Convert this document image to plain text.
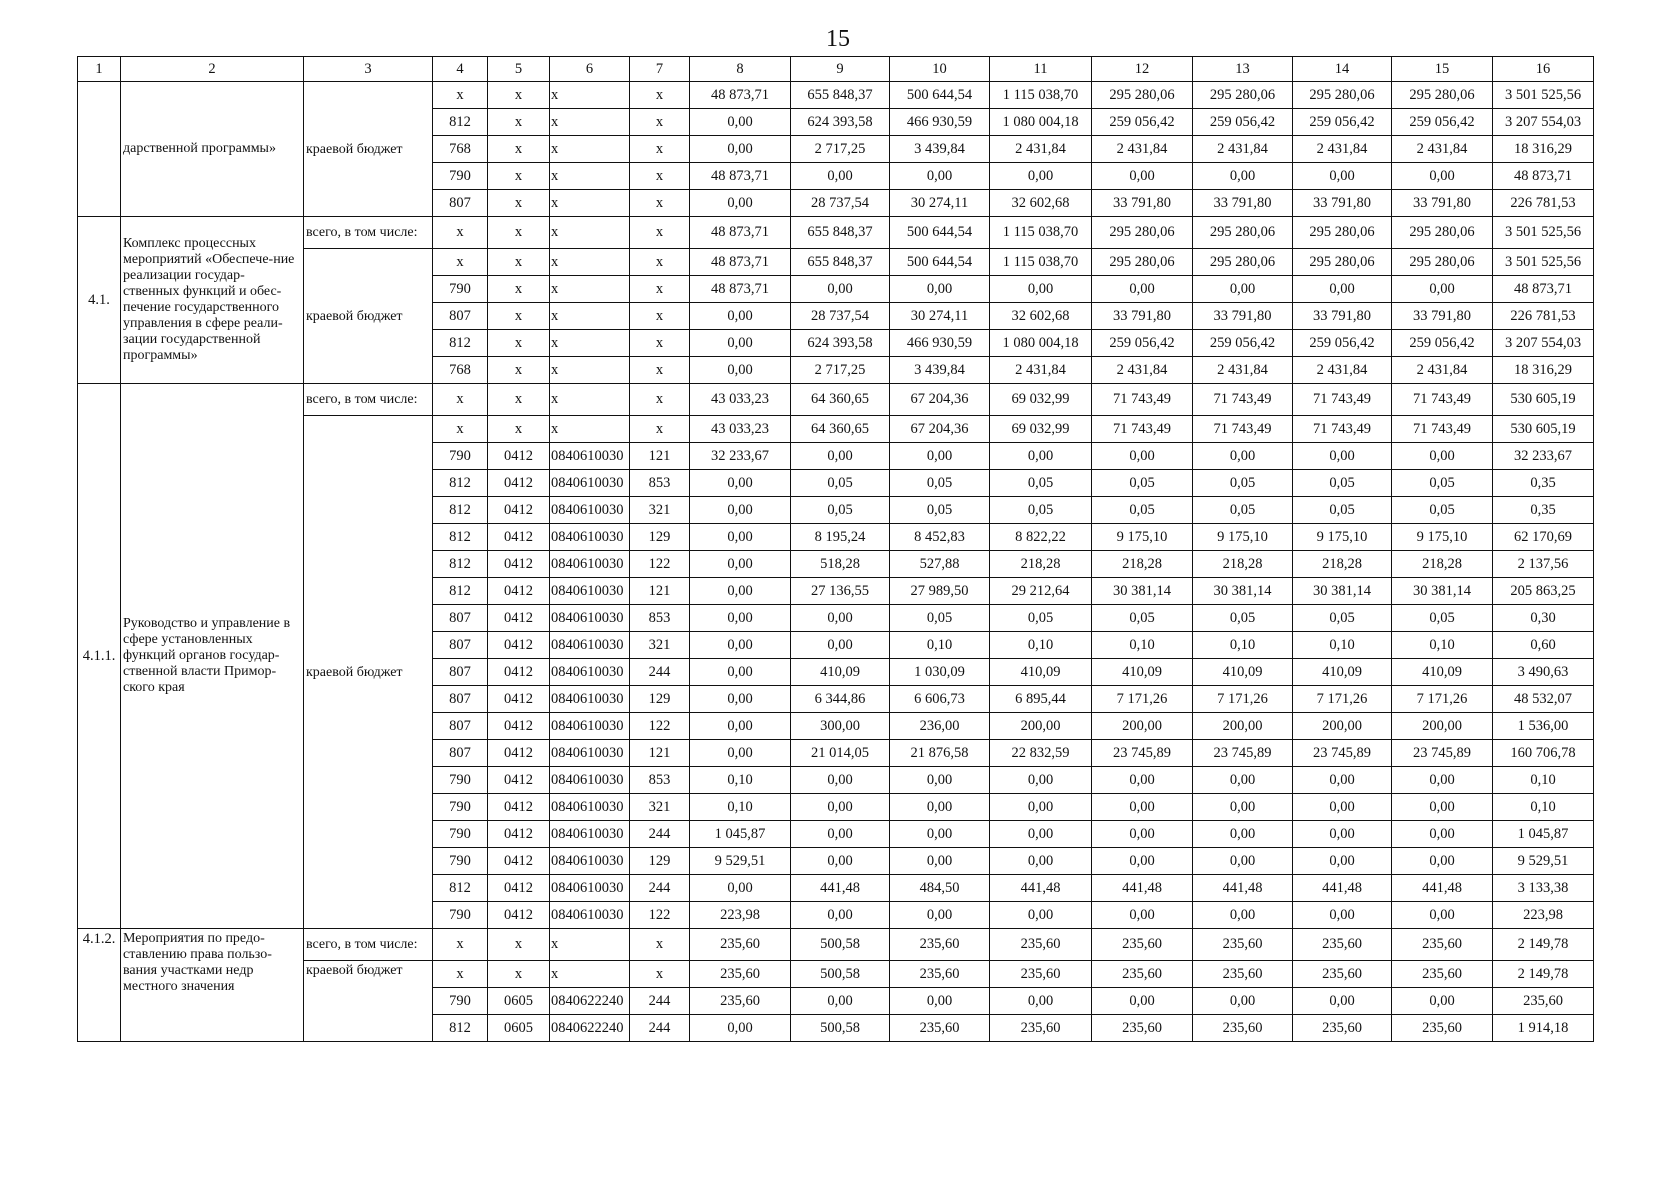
15
1	2	3	4	5	6	7	8	9	10	11	12	13	14	15	16
	дарственной программы»	краевой бюджет	х	х	х	х	48 873,71	655 848,37	500 644,54	1 115 038,70	295 280,06	295 280,06	295 280,06	295 280,06	3 501 525,56
			812	х	х	х	0,00	624 393,58	466 930,59	1 080 004,18	259 056,42	259 056,42	259 056,42	259 056,42	3 207 554,03
			768	х	х	х	0,00	2 717,25	3 439,84	2 431,84	2 431,84	2 431,84	2 431,84	2 431,84	18 316,29
			790	х	х	х	48 873,71	0,00	0,00	0,00	0,00	0,00	0,00	0,00	48 873,71
			807	х	х	х	0,00	28 737,54	30 274,11	32 602,68	33 791,80	33 791,80	33 791,80	33 791,80	226 781,53
4.1.	Комплекс процессных мероприятий «Обеспече-ние реализации государ-ственных функций и обес-печение государственного управления в сфере реали-зации государственной программы»	всего, в том числе:	х	х	х	х	48 873,71	655 848,37	500 644,54	1 115 038,70	295 280,06	295 280,06	295 280,06	295 280,06	3 501 525,56
		краевой бюджет	х	х	х	х	48 873,71	655 848,37	500 644,54	1 115 038,70	295 280,06	295 280,06	295 280,06	295 280,06	3 501 525,56
			790	х	х	х	48 873,71	0,00	0,00	0,00	0,00	0,00	0,00	0,00	48 873,71
			807	х	х	х	0,00	28 737,54	30 274,11	32 602,68	33 791,80	33 791,80	33 791,80	33 791,80	226 781,53
			812	х	х	х	0,00	624 393,58	466 930,59	1 080 004,18	259 056,42	259 056,42	259 056,42	259 056,42	3 207 554,03
			768	х	х	х	0,00	2 717,25	3 439,84	2 431,84	2 431,84	2 431,84	2 431,84	2 431,84	18 316,29
4.1.1.	Руководство и управление в сфере установленных функций органов государ-ственной власти Примор-ского края	всего, в том числе:	х	х	х	х	43 033,23	64 360,65	67 204,36	69 032,99	71 743,49	71 743,49	71 743,49	71 743,49	530 605,19
		краевой бюджет	х	х	х	х	43 033,23	64 360,65	67 204,36	69 032,99	71 743,49	71 743,49	71 743,49	71 743,49	530 605,19
			790	0412	0840610030	121	32 233,67	0,00	0,00	0,00	0,00	0,00	0,00	0,00	32 233,67
			812	0412	0840610030	853	0,00	0,05	0,05	0,05	0,05	0,05	0,05	0,05	0,35
			812	0412	0840610030	321	0,00	0,05	0,05	0,05	0,05	0,05	0,05	0,05	0,35
			812	0412	0840610030	129	0,00	8 195,24	8 452,83	8 822,22	9 175,10	9 175,10	9 175,10	9 175,10	62 170,69
			812	0412	0840610030	122	0,00	518,28	527,88	218,28	218,28	218,28	218,28	218,28	2 137,56
			812	0412	0840610030	121	0,00	27 136,55	27 989,50	29 212,64	30 381,14	30 381,14	30 381,14	30 381,14	205 863,25
			807	0412	0840610030	853	0,00	0,00	0,05	0,05	0,05	0,05	0,05	0,05	0,30
			807	0412	0840610030	321	0,00	0,00	0,10	0,10	0,10	0,10	0,10	0,10	0,60
			807	0412	0840610030	244	0,00	410,09	1 030,09	410,09	410,09	410,09	410,09	410,09	3 490,63
			807	0412	0840610030	129	0,00	6 344,86	6 606,73	6 895,44	7 171,26	7 171,26	7 171,26	7 171,26	48 532,07
			807	0412	0840610030	122	0,00	300,00	236,00	200,00	200,00	200,00	200,00	200,00	1 536,00
			807	0412	0840610030	121	0,00	21 014,05	21 876,58	22 832,59	23 745,89	23 745,89	23 745,89	23 745,89	160 706,78
			790	0412	0840610030	853	0,10	0,00	0,00	0,00	0,00	0,00	0,00	0,00	0,10
			790	0412	0840610030	321	0,10	0,00	0,00	0,00	0,00	0,00	0,00	0,00	0,10
			790	0412	0840610030	244	1 045,87	0,00	0,00	0,00	0,00	0,00	0,00	0,00	1 045,87
			790	0412	0840610030	129	9 529,51	0,00	0,00	0,00	0,00	0,00	0,00	0,00	9 529,51
			812	0412	0840610030	244	0,00	441,48	484,50	441,48	441,48	441,48	441,48	441,48	3 133,38
			790	0412	0840610030	122	223,98	0,00	0,00	0,00	0,00	0,00	0,00	0,00	223,98
4.1.2.	Мероприятия по предо-ставлению права пользо-вания участками недр местного значения	всего, в том числе:	х	х	х	х	235,60	500,58	235,60	235,60	235,60	235,60	235,60	235,60	2 149,78
		краевой бюджет	х	х	х	х	235,60	500,58	235,60	235,60	235,60	235,60	235,60	235,60	2 149,78
			790	0605	0840622240	244	235,60	0,00	0,00	0,00	0,00	0,00	0,00	0,00	235,60
			812	0605	0840622240	244	0,00	500,58	235,60	235,60	235,60	235,60	235,60	235,60	1 914,18
